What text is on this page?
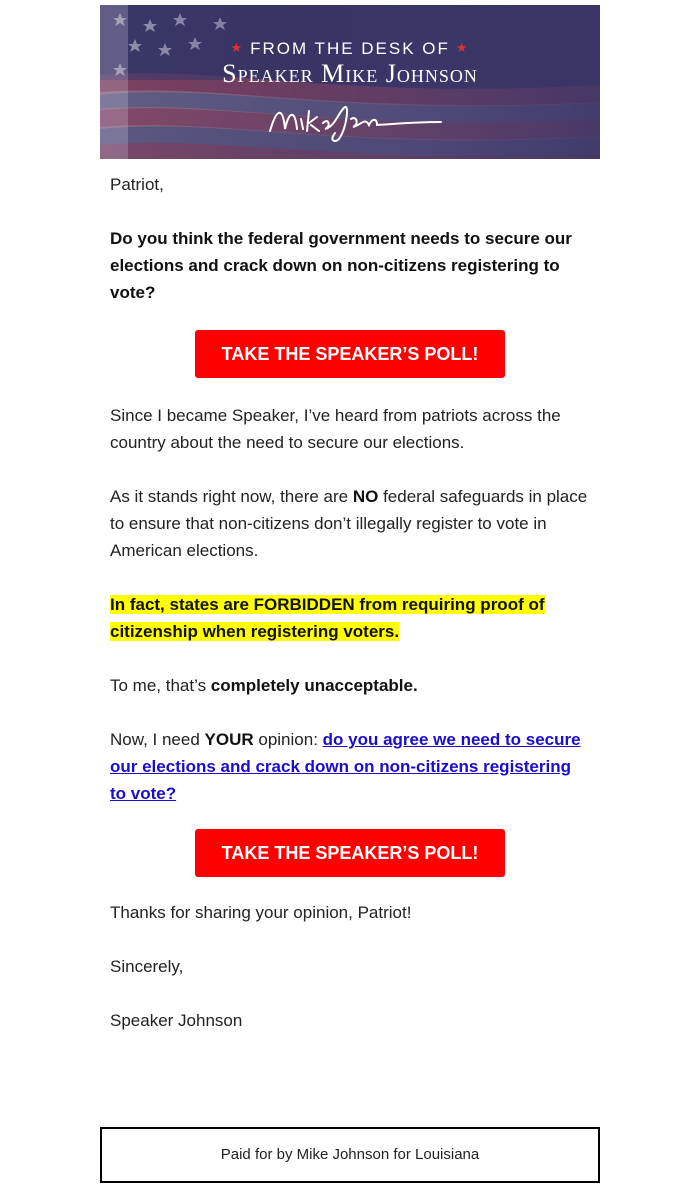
★ FROM THE DESK OF ★
Speaker Mike Johnson

Patriot,

Do you think the federal government needs to secure our elections and crack down on non-citizens registering to vote?

TAKE THE SPEAKER’S POLL!

Since I became Speaker, I’ve heard from patriots across the country about the need to secure our elections.

As it stands right now, there are NO federal safeguards in place to ensure that non-citizens don’t illegally register to vote in American elections.

In fact, states are FORBIDDEN from requiring proof of citizenship when registering voters.

To me, that’s completely unacceptable.

Now, I need YOUR opinion: do you agree we need to secure our elections and crack down on non-citizens registering to vote?

TAKE THE SPEAKER’S POLL!

Thanks for sharing your opinion, Patriot!

Sincerely,

Speaker Johnson

Paid for by Mike Johnson for Louisiana
